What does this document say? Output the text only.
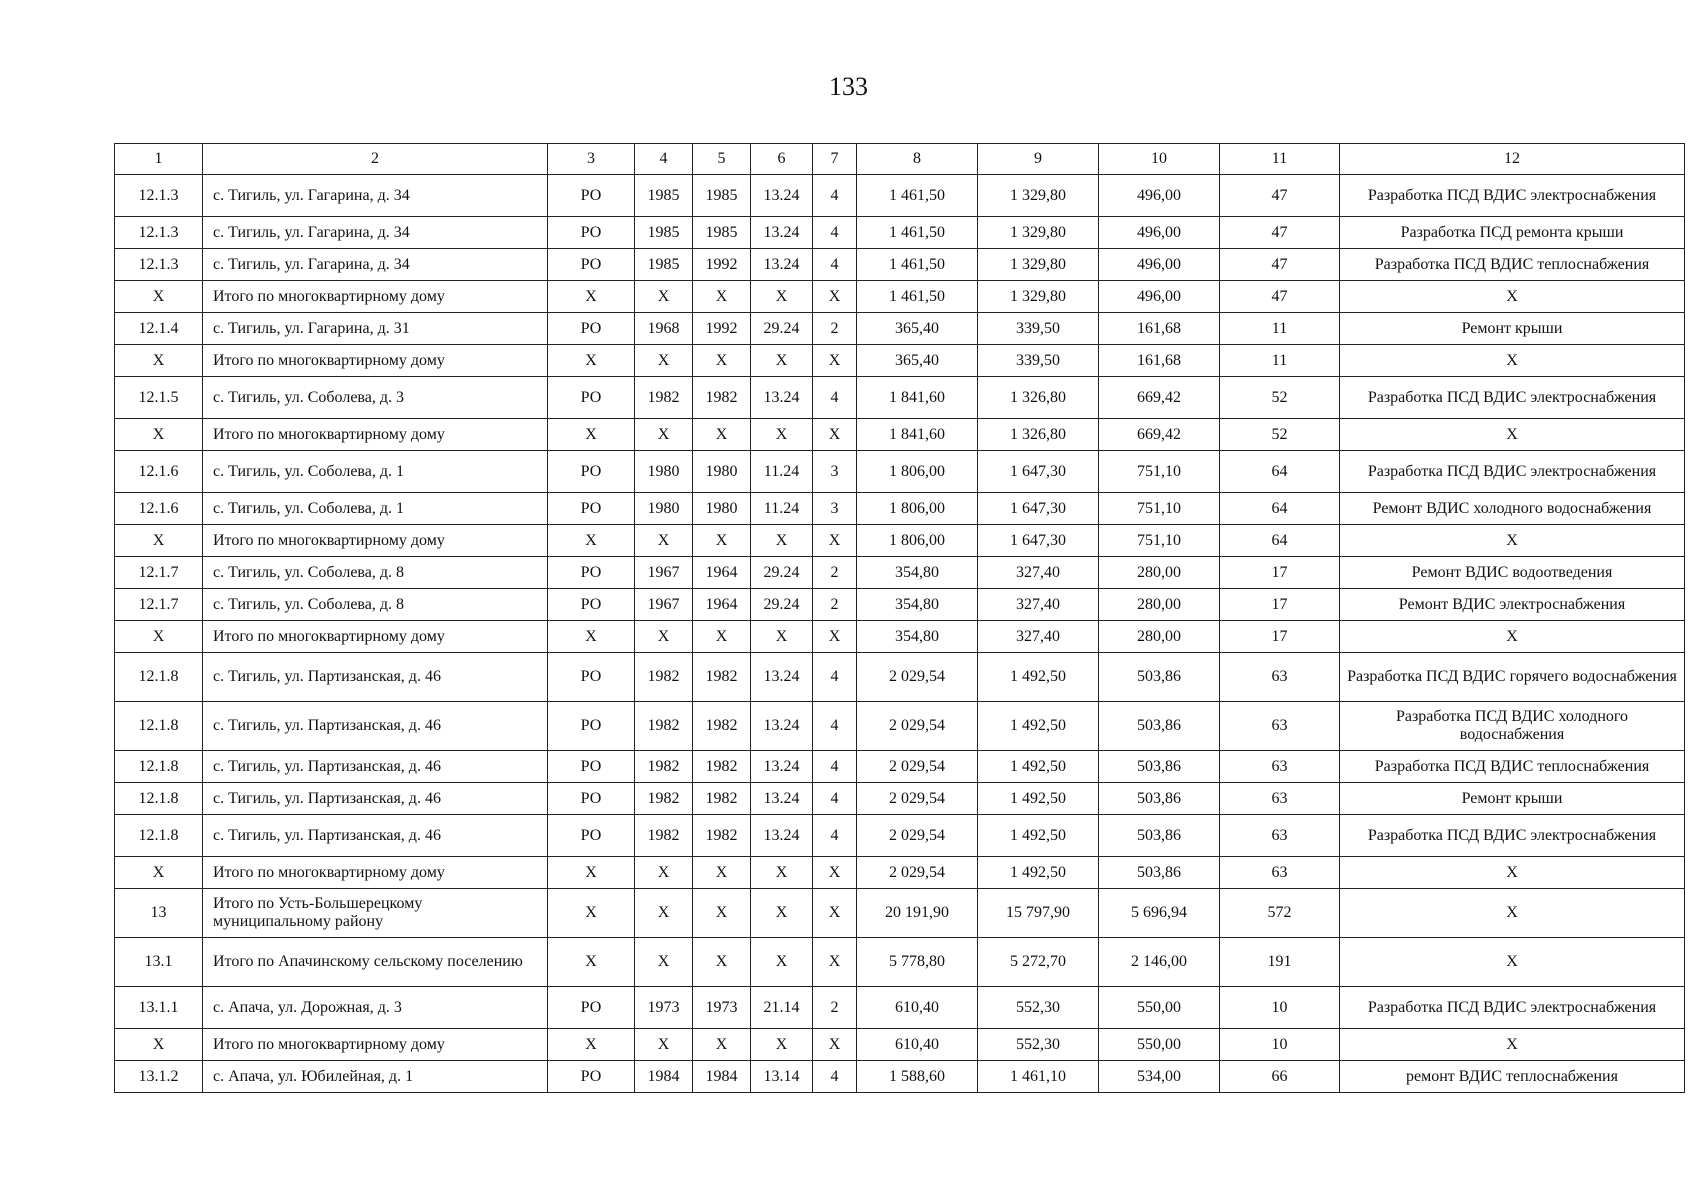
133
1	2	3	4	5	6	7	8	9	10	11	12
12.1.3	с. Тигиль, ул. Гагарина, д. 34	РО	1985	1985	13.24	4	1 461,50	1 329,80	496,00	47	Разработка ПСД ВДИС электроснабжения
12.1.3	с. Тигиль, ул. Гагарина, д. 34	РО	1985	1985	13.24	4	1 461,50	1 329,80	496,00	47	Разработка ПСД ремонта крыши
12.1.3	с. Тигиль, ул. Гагарина, д. 34	РО	1985	1992	13.24	4	1 461,50	1 329,80	496,00	47	Разработка ПСД ВДИС теплоснабжения
X	Итого по многоквартирному дому	X	X	X	X	X	1 461,50	1 329,80	496,00	47	X
12.1.4	с. Тигиль, ул. Гагарина, д. 31	РО	1968	1992	29.24	2	365,40	339,50	161,68	11	Ремонт крыши
X	Итого по многоквартирному дому	X	X	X	X	X	365,40	339,50	161,68	11	X
12.1.5	с. Тигиль, ул. Соболева, д. 3	РО	1982	1982	13.24	4	1 841,60	1 326,80	669,42	52	Разработка ПСД ВДИС электроснабжения
X	Итого по многоквартирному дому	X	X	X	X	X	1 841,60	1 326,80	669,42	52	X
12.1.6	с. Тигиль, ул. Соболева, д. 1	РО	1980	1980	11.24	3	1 806,00	1 647,30	751,10	64	Разработка ПСД ВДИС электроснабжения
12.1.6	с. Тигиль, ул. Соболева, д. 1	РО	1980	1980	11.24	3	1 806,00	1 647,30	751,10	64	Ремонт ВДИС холодного водоснабжения
X	Итого по многоквартирному дому	X	X	X	X	X	1 806,00	1 647,30	751,10	64	X
12.1.7	с. Тигиль, ул. Соболева, д. 8	РО	1967	1964	29.24	2	354,80	327,40	280,00	17	Ремонт ВДИС водоотведения
12.1.7	с. Тигиль, ул. Соболева, д. 8	РО	1967	1964	29.24	2	354,80	327,40	280,00	17	Ремонт ВДИС электроснабжения
X	Итого по многоквартирному дому	X	X	X	X	X	354,80	327,40	280,00	17	X
12.1.8	с. Тигиль, ул. Партизанская, д. 46	РО	1982	1982	13.24	4	2 029,54	1 492,50	503,86	63	Разработка ПСД ВДИС горячего водоснабжения
12.1.8	с. Тигиль, ул. Партизанская, д. 46	РО	1982	1982	13.24	4	2 029,54	1 492,50	503,86	63	Разработка ПСД ВДИС холодного водоснабжения
12.1.8	с. Тигиль, ул. Партизанская, д. 46	РО	1982	1982	13.24	4	2 029,54	1 492,50	503,86	63	Разработка ПСД ВДИС теплоснабжения
12.1.8	с. Тигиль, ул. Партизанская, д. 46	РО	1982	1982	13.24	4	2 029,54	1 492,50	503,86	63	Ремонт крыши
12.1.8	с. Тигиль, ул. Партизанская, д. 46	РО	1982	1982	13.24	4	2 029,54	1 492,50	503,86	63	Разработка ПСД ВДИС электроснабжения
X	Итого по многоквартирному дому	X	X	X	X	X	2 029,54	1 492,50	503,86	63	X
13	Итого по Усть-Большерецкому муниципальному району	X	X	X	X	X	20 191,90	15 797,90	5 696,94	572	X
13.1	Итого по Апачинскому сельскому поселению	X	X	X	X	X	5 778,80	5 272,70	2 146,00	191	X
13.1.1	с. Апача, ул. Дорожная, д. 3	РО	1973	1973	21.14	2	610,40	552,30	550,00	10	Разработка ПСД ВДИС электроснабжения
X	Итого по многоквартирному дому	X	X	X	X	X	610,40	552,30	550,00	10	X
13.1.2	с. Апача, ул. Юбилейная, д. 1	РО	1984	1984	13.14	4	1 588,60	1 461,10	534,00	66	ремонт ВДИС теплоснабжения
